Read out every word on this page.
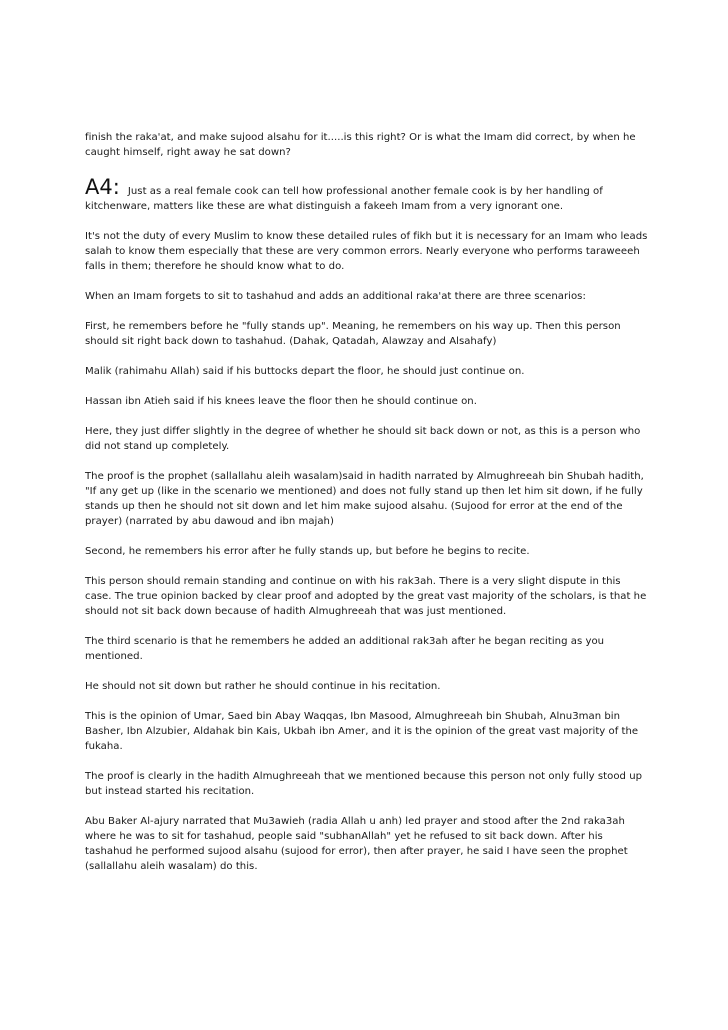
finish the raka'at, and make sujood alsahu for it.....is this right? Or is what the Imam did correct, by when he caught himself, right away he sat down?

A4: Just as a real female cook can tell how professional another female cook is by her handling of kitchenware, matters like these are what distinguish a fakeeh Imam from a very ignorant one.

It's not the duty of every Muslim to know these detailed rules of fikh but it is necessary for an Imam who leads salah to know them especially that these are very common errors. Nearly everyone who performs taraweeeh falls in them; therefore he should know what to do.

When an Imam forgets to sit to tashahud and adds an additional raka'at there are three scenarios:

First, he remembers before he "fully stands up". Meaning, he remembers on his way up. Then this person should sit right back down to tashahud. (Dahak, Qatadah, Alawzay and Alsahafy)

Malik (rahimahu Allah) said if his buttocks depart the floor, he should just continue on.

Hassan ibn Atieh said if his knees leave the floor then he should continue on.

Here, they just differ slightly in the degree of whether he should sit back down or not, as this is a person who did not stand up completely.

The proof is the prophet (sallallahu aleih wasalam)said in hadith narrated by Almughreeah bin Shubah hadith, "If any get up (like in the scenario we mentioned) and does not fully stand up then let him sit down, if he fully stands up then he should not sit down and let him make sujood alsahu. (Sujood for error at the end of the prayer) (narrated by abu dawoud and ibn majah)

Second, he remembers his error after he fully stands up, but before he begins to recite.

This person should remain standing and continue on with his rak3ah. There is a very slight dispute in this case. The true opinion backed by clear proof and adopted by the great vast majority of the scholars, is that he should not sit back down because of hadith Almughreeah that was just mentioned.

The third scenario is that he remembers he added an additional rak3ah after he began reciting as you mentioned.

He should not sit down but rather he should continue in his recitation.

This is the opinion of Umar, Saed bin Abay Waqqas, Ibn Masood, Almughreeah bin Shubah, Alnu3man bin Basher, Ibn Alzubier, Aldahak bin Kais, Ukbah ibn Amer, and it is the opinion of the great vast majority of the fukaha.

The proof is clearly in the hadith Almughreeah that we mentioned because this person not only fully stood up but instead started his recitation.

Abu Baker Al-ajury narrated that Mu3awieh (radia Allah u anh) led prayer and stood after the 2nd raka3ah where he was to sit for tashahud, people said "subhanAllah" yet he refused to sit back down. After his tashahud he performed sujood alsahu (sujood for error), then after prayer, he said I have seen the prophet (sallallahu aleih wasalam) do this.
